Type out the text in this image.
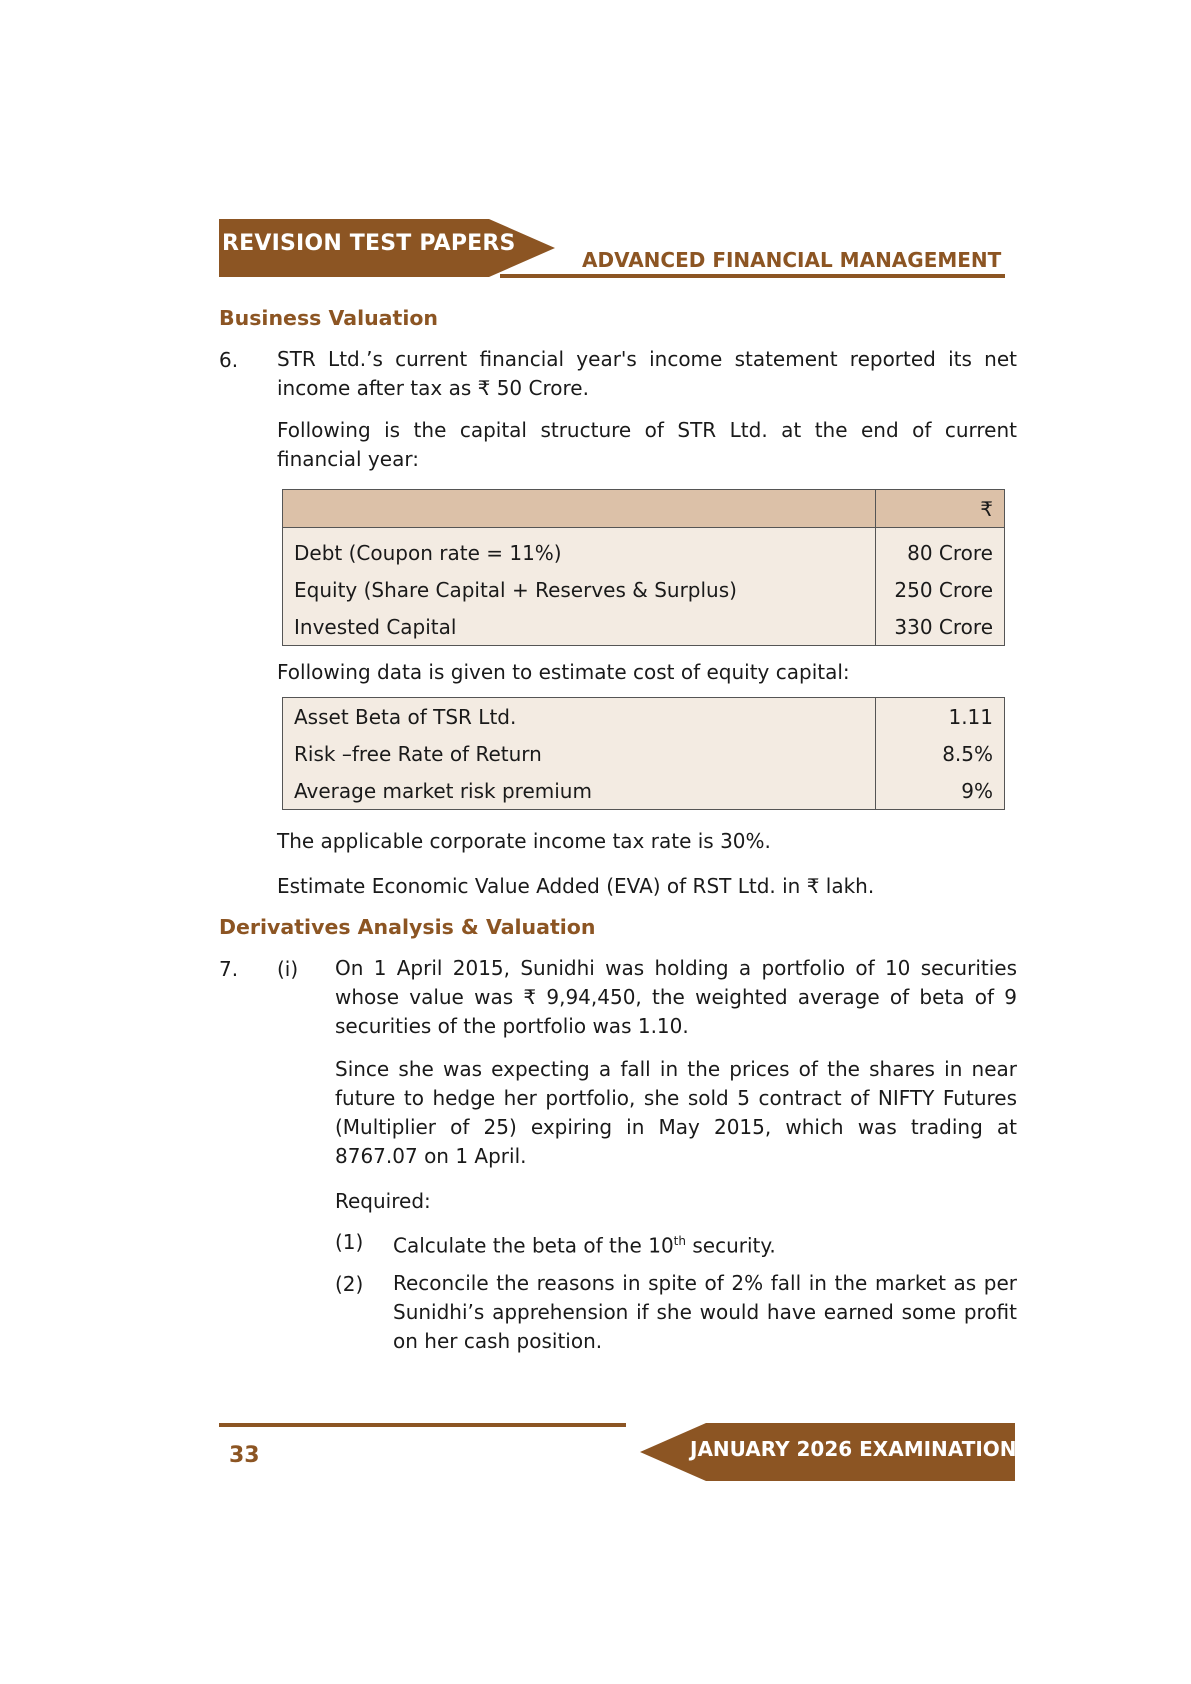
REVISION TEST PAPERS
ADVANCED FINANCIAL MANAGEMENT
Business Valuation
6. STR Ltd.’s current financial year's income statement reported its net income after tax as ₹ 50 Crore.
Following is the capital structure of STR Ltd. at the end of current financial year:
	₹
Debt (Coupon rate = 11%)	80 Crore
Equity (Share Capital + Reserves & Surplus)	250 Crore
Invested Capital	330 Crore
Following data is given to estimate cost of equity capital:
Asset Beta of TSR Ltd.	1.11
Risk –free Rate of Return	8.5%
Average market risk premium	9%
The applicable corporate income tax rate is 30%.
Estimate Economic Value Added (EVA) of RST Ltd. in ₹ lakh.
Derivatives Analysis & Valuation
7. (i) On 1 April 2015, Sunidhi was holding a portfolio of 10 securities whose value was ₹ 9,94,450, the weighted average of beta of 9 securities of the portfolio was 1.10.
Since she was expecting a fall in the prices of the shares in near future to hedge her portfolio, she sold 5 contract of NIFTY Futures (Multiplier of 25) expiring in May 2015, which was trading at 8767.07 on 1 April.
Required:
(1) Calculate the beta of the 10th security.
(2) Reconcile the reasons in spite of 2% fall in the market as per Sunidhi’s apprehension if she would have earned some profit on her cash position.
JANUARY 2026 EXAMINATION
33
